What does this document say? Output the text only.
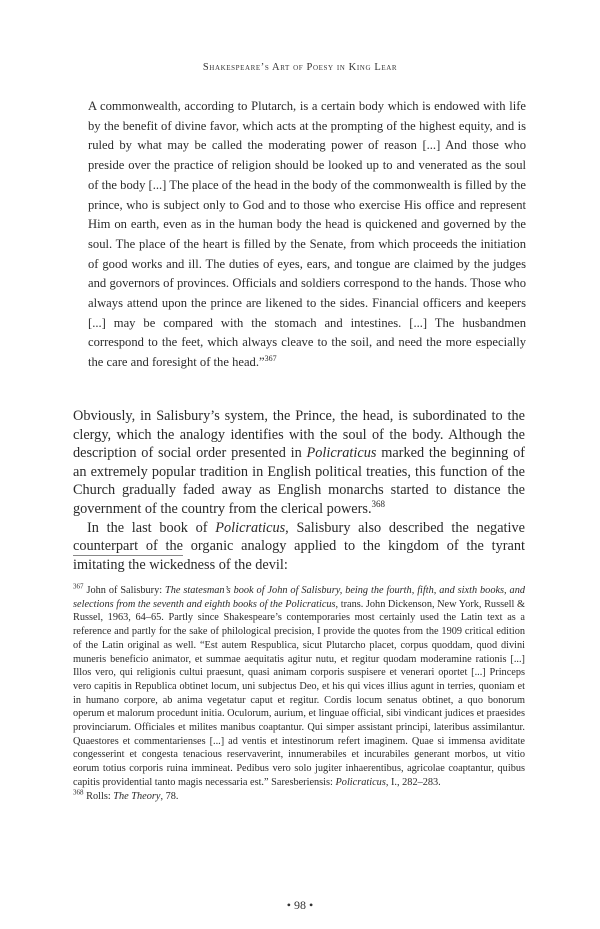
Shakespeare’s Art of Poesy in King Lear
A commonwealth, according to Plutarch, is a certain body which is endowed with life by the benefit of divine favor, which acts at the prompting of the highest equity, and is ruled by what may be called the moderating power of reason [...] And those who preside over the practice of religion should be looked up to and venerated as the soul of the body [...] The place of the head in the body of the commonwealth is filled by the prince, who is subject only to God and to those who exercise His office and represent Him on earth, even as in the human body the head is quickened and governed by the soul. The place of the heart is filled by the Senate, from which proceeds the initiation of good works and ill. The duties of eyes, ears, and tongue are claimed by the judges and governors of provinces. Officials and soldiers correspond to the hands. Those who always attend upon the prince are likened to the sides. Financial officers and keepers [...] may be compared with the stomach and intestines. [...] The husbandmen correspond to the feet, which always cleave to the soil, and need the more especially the care and foresight of the head.”$^{367}$

Obviously, in Salisbury’s system, the Prince, the head, is subordinated to the clergy, which the analogy identifies with the soul of the body. Although the description of social order presented in Policraticus marked the beginning of an extremely popular tradition in English political treaties, this function of the Church gradually faded away as English monarchs started to distance the government of the country from the clerical powers.$^{368}$

In the last book of Policraticus, Salisbury also described the negative counterpart of the organic analogy applied to the kingdom of the tyrant imitating the wickedness of the devil:

$^{367}$ John of Salisbury: The statesman’s book of John of Salisbury, being the fourth, fifth, and sixth books, and selections from the seventh and eighth books of the Policraticus, trans. John Dickenson, New York, Russell & Russel, 1963, 64–65. Partly since Shakespeare’s contemporaries most certainly used the Latin text as a reference and partly for the sake of philological precision, I provide the quotes from the 1909 critical edition of the Latin original as well. “Est autem Respublica, sicut Plutarcho placet, corpus quoddam, quod divini muneris beneficio animator, et summae aequitatis agitur nutu, et regitur quodam moderamine rationis [...] Illos vero, qui religionis cultui praesunt, quasi animam corporis suspisere et venerari oportet [...] Princeps vero capitis in Republica obtinet locum, uni subjectus Deo, et his qui vices illius agunt in terries, quoniam et in humano corpore, ab anima vegetatur caput et regitur. Cordis locum senatus obtinet, a quo bonorum operum et malorum procedunt initia. Oculorum, aurium, et linguae official, sibi vindicant judices et praesides provinciarum. Officiales et milites manibus coaptantur. Qui simper assistant principi, lateribus assimilantur. Quaestores et commentarienses [...] ad ventis et intestinorum refert imaginem. Quae si immensa aviditate congesserint et congesta tenacious reservaverint, innumerabiles et incurabiles generant morbos, ut vitio eorum totius corporis ruina immineat. Pedibus vero solo jugiter inhaerentibus, agricolae coaptantur, quibus capitis providential tanto magis necessaria est.” Saresberiensis: Policraticus, I., 282–283.

$^{368}$ Rolls: The Theory, 78.

• 98 •
